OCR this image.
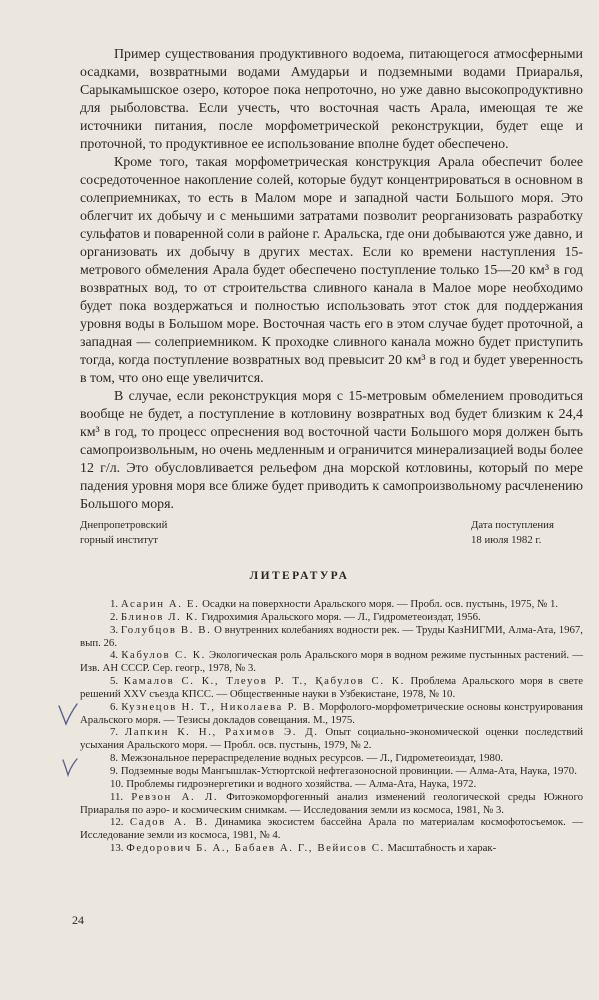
Пример существования продуктивного водоема, питающегося атмосферными осадками, возвратными водами Амударьи и подземными водами Приаралья, Сарыкамышское озеро, которое пока непроточно, но уже давно высокопродуктивно для рыболовства. Если учесть, что восточная часть Арала, имеющая те же источники питания, после морфометрической реконструкции, будет еще и проточной, то продуктивное ее использование вполне будет обеспечено.

Кроме того, такая морфометрическая конструкция Арала обеспечит более сосредоточенное накопление солей, которые будут концентрироваться в основном в солеприемниках, то есть в Малом море и западной части Большого моря. Это облегчит их добычу и с меньшими затратами позволит реорганизовать разработку сульфатов и поваренной соли в районе г. Аральска, где они добываются уже давно, и организовать их добычу в других местах. Если ко времени наступления 15-метрового обмеления Арала будет обеспечено поступление только 15—20 км³ в год возвратных вод, то от строительства сливного канала в Малое море необходимо будет пока воздержаться и полностью использовать этот сток для поддержания уровня воды в Большом море. Восточная часть его в этом случае будет проточной, а западная — солеприемником. К проходке сливного канала можно будет приступить тогда, когда поступление возвратных вод превысит 20 км³ в год и будет уверенность в том, что оно еще увеличится.

В случае, если реконструкция моря с 15-метровым обмелением проводиться вообще не будет, а поступление в котловину возвратных вод будет близким к 24,4 км³ в год, то процесс опреснения вод восточной части Большого моря должен быть самопроизвольным, но очень медленным и ограничится минерализацией воды более 12 г/л. Это обусловливается рельефом дна морской котловины, который по мере падения уровня моря все ближе будет приводить к самопроизвольному расчленению Большого моря.

Днепропетровский
горный институт
Дата поступления
18 июля 1982 г.
ЛИТЕРАТУРА

1. Асарин А. Е. Осадки на поверхности Аральского моря. — Пробл. осв. пустынь, 1975, № 1.

2. Блинов Л. К. Гидрохимия Аральского моря. — Л., Гидрометеоиздат, 1956.

3. Голубцов В. В. О внутренних колебаниях водности рек. — Труды КазНИГМИ, Алма-Ата, 1967, вып. 26.

4. Кабулов С. К. Экологическая роль Аральского моря в водном режиме пустынных растений. — Изв. АН СССР. Сер. геогр., 1978, № 3.

5. Камалов С. К., Тлеуов Р. Т., Қабулов С. К. Проблема Аральского моря в свете решений XXV съезда КПСС. — Общественные науки в Узбекистане, 1978, № 10.

6. Кузнецов Н. Т., Николаева Р. В. Морфолого-морфометрические основы конструирования Аральского моря. — Тезисы докладов совещания. М., 1975.

7. Лапкин К. Н., Рахимов Э. Д. Опыт социально-экономической оценки последствий усыхания Аральского моря. — Пробл. осв. пустынь, 1979, № 2.

8. Межзональное перераспределение водных ресурсов. — Л., Гидрометеоиздат, 1980.

9. Подземные воды Мангышлак-Устюртской нефтегазоносной провинции. — Алма-Ата, Наука, 1970.

10. Проблемы гидроэнергетики и водного хозяйства. — Алма-Ата, Наука, 1972.

11. Ревзон А. Л. Фитоэкоморфогенный анализ изменений геологической среды Южного Приаралья по аэро- и космическим снимкам. — Исследования земли из космоса, 1981, № 3.

12. Садов А. В. Динамика экосистем бассейна Арала по материалам космофотосъемок. — Исследование земли из космоса, 1981, № 4.

13. Федорович Б. А., Бабаев А. Г., Вейисов С. Масштабность и харак-

24
